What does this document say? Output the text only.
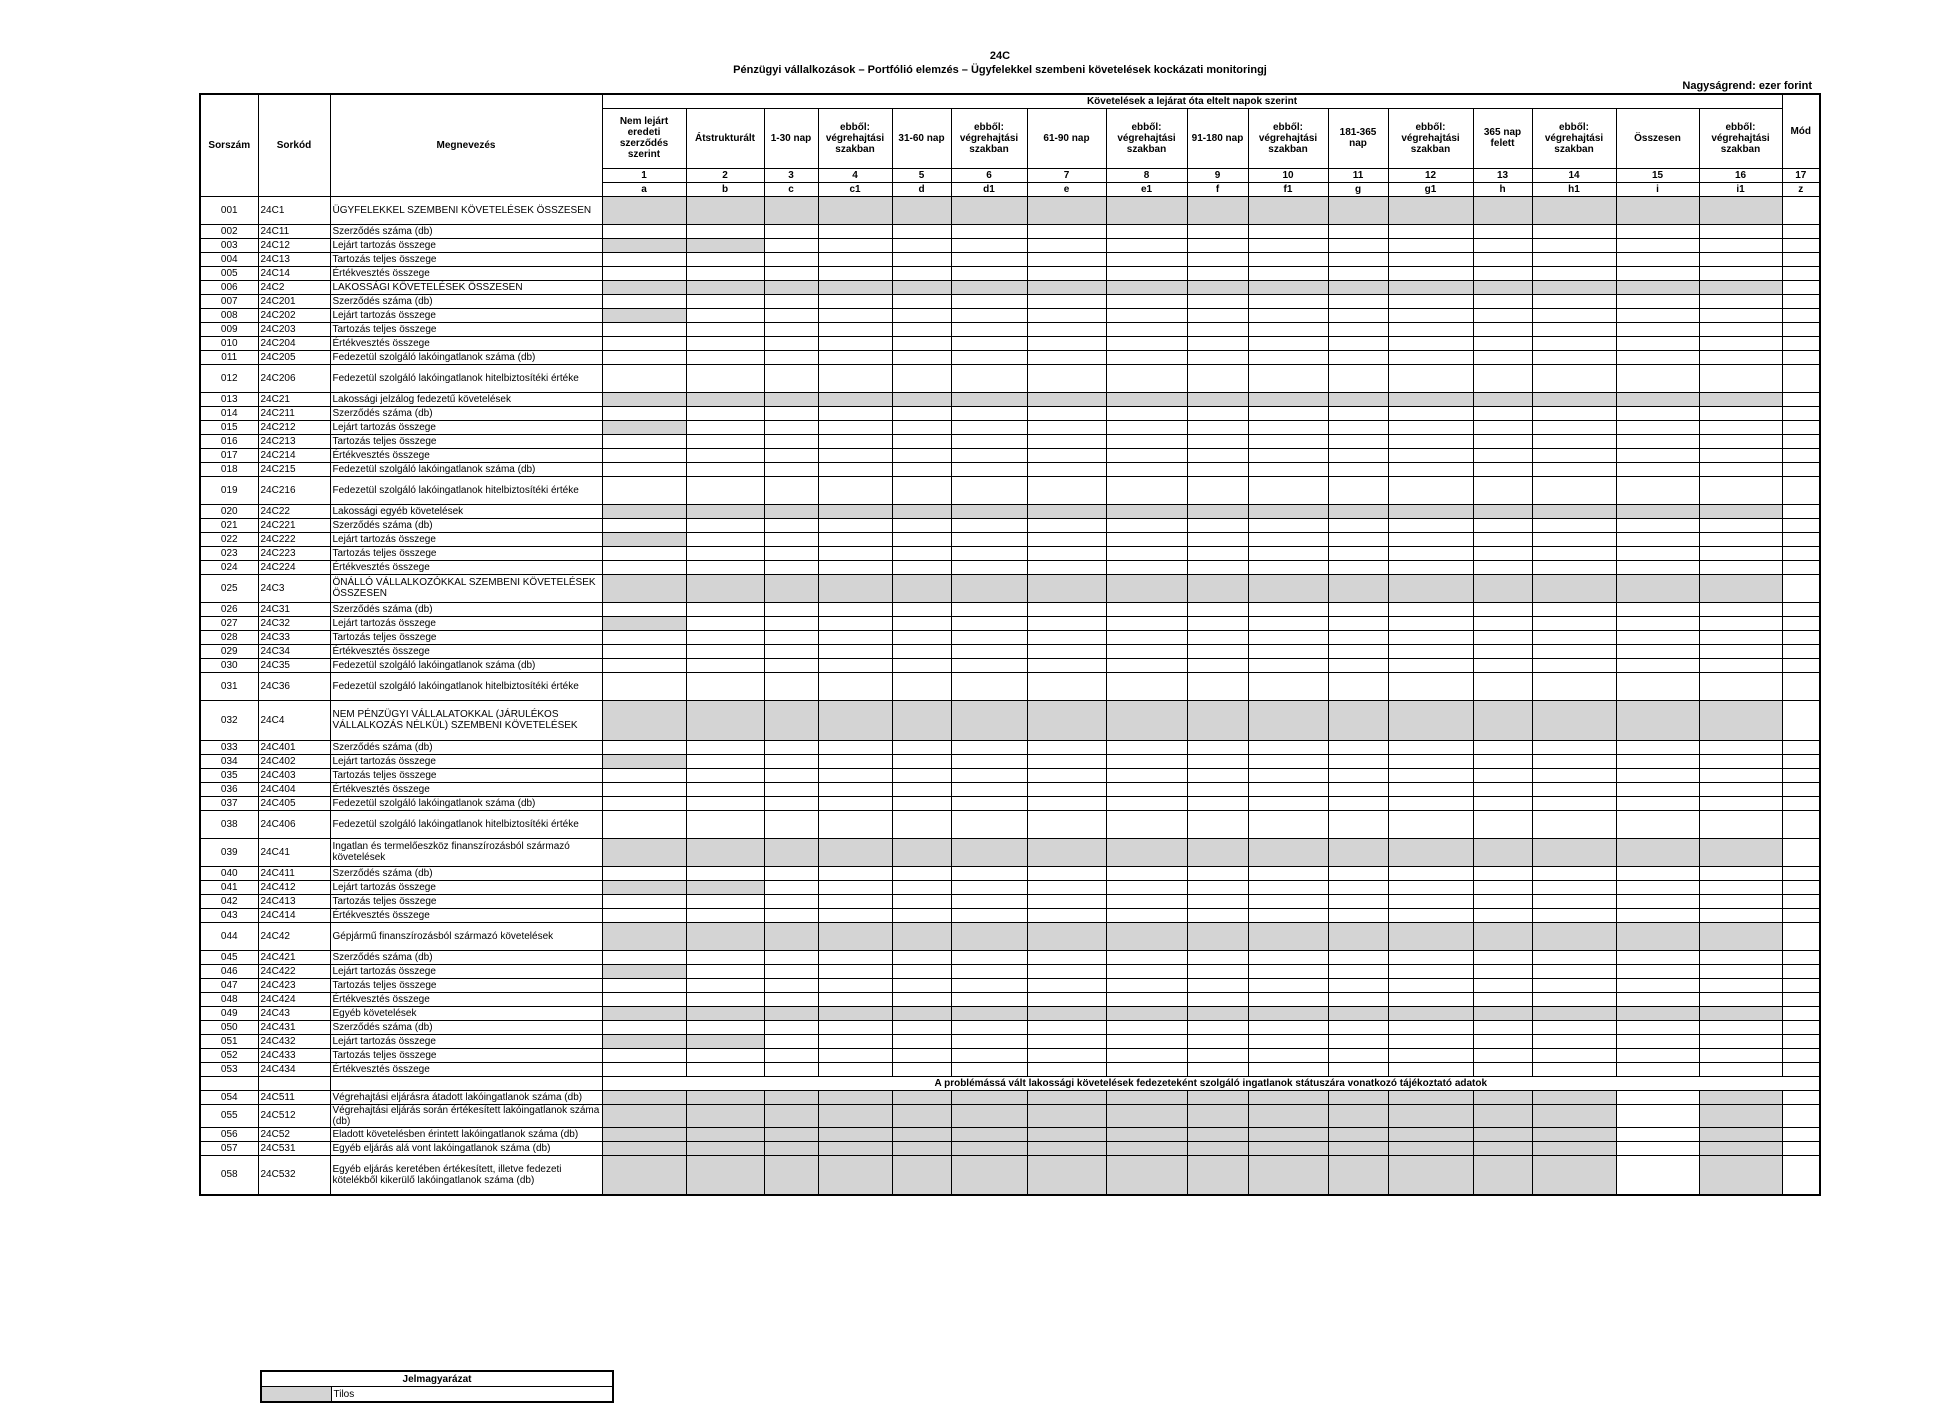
24C
Pénzügyi vállalkozások – Portfólió elemzés – Ügyfelekkel szembeni követelések kockázati monitoringj
Nagyságrend: ezer forint
Sorszám	Sorkód	Megnevezés	Követelések a lejárat óta eltelt napok szerint																Mód
			Nem lejárt eredeti szerződés szerint	Átstrukturált	1-30 nap	ebből: végrehajtási szakban	31-60 nap	ebből: végrehajtási szakban	61-90 nap	ebből: végrehajtási szakban	91-180 nap	ebből: végrehajtási szakban	181-365 nap	ebből: végrehajtási szakban	365 nap felett	ebből: végrehajtási szakban	Összesen	ebből: végrehajtási szakban	
			1	2	3	4	5	6	7	8	9	10	11	12	13	14	15	16	17
			a	b	c	c1	d	d1	e	e1	f	f1	g	g1	h	h1	i	i1	z
001	24C1	ÜGYFELEKKEL SZEMBENI KÖVETELÉSEK ÖSSZESEN																	
002	24C11	Szerződés száma (db)																	
003	24C12	Lejárt tartozás összege																	
004	24C13	Tartozás teljes összege																	
005	24C14	Értékvesztés összege																	
006	24C2	LAKOSSÁGI KÖVETELÉSEK ÖSSZESEN																	
007	24C201	Szerződés száma (db)																	
008	24C202	Lejárt tartozás összege																	
009	24C203	Tartozás teljes összege																	
010	24C204	Értékvesztés összege																	
011	24C205	Fedezetül szolgáló lakóingatlanok száma (db)																	
012	24C206	Fedezetül szolgáló lakóingatlanok hitelbiztosítéki értéke																	
013	24C21	Lakossági jelzálog fedezetű követelések																	
014	24C211	Szerződés száma (db)																	
015	24C212	Lejárt tartozás összege																	
016	24C213	Tartozás teljes összege																	
017	24C214	Értékvesztés összege																	
018	24C215	Fedezetül szolgáló lakóingatlanok száma (db)																	
019	24C216	Fedezetül szolgáló lakóingatlanok hitelbiztosítéki értéke																	
020	24C22	Lakossági egyéb követelések																	
021	24C221	Szerződés száma (db)																	
022	24C222	Lejárt tartozás összege																	
023	24C223	Tartozás teljes összege																	
024	24C224	Értékvesztés összege																	
025	24C3	ÖNÁLLÓ VÁLLALKOZÓKKAL SZEMBENI KÖVETELÉSEK ÖSSZESEN																	
026	24C31	Szerződés száma (db)																	
027	24C32	Lejárt tartozás összege																	
028	24C33	Tartozás teljes összege																	
029	24C34	Értékvesztés összege																	
030	24C35	Fedezetül szolgáló lakóingatlanok száma (db)																	
031	24C36	Fedezetül szolgáló lakóingatlanok hitelbiztosítéki értéke																	
032	24C4	NEM PÉNZÜGYI VÁLLALATOKKAL (JÁRULÉKOS VÁLLALKOZÁS NÉLKÜL) SZEMBENI KÖVETELÉSEK																	
033	24C401	Szerződés száma (db)																	
034	24C402	Lejárt tartozás összege																	
035	24C403	Tartozás teljes összege																	
036	24C404	Értékvesztés összege																	
037	24C405	Fedezetül szolgáló lakóingatlanok száma (db)																	
038	24C406	Fedezetül szolgáló lakóingatlanok hitelbiztosítéki értéke																	
039	24C41	Ingatlan és termelőeszköz finanszírozásból származó követelések																	
040	24C411	Szerződés száma (db)																	
041	24C412	Lejárt tartozás összege																	
042	24C413	Tartozás teljes összege																	
043	24C414	Értékvesztés összege																	
044	24C42	Gépjármű finanszírozásból származó követelések																	
045	24C421	Szerződés száma (db)																	
046	24C422	Lejárt tartozás összege																	
047	24C423	Tartozás teljes összege																	
048	24C424	Értékvesztés összege																	
049	24C43	Egyéb követelések																	
050	24C431	Szerződés száma (db)																	
051	24C432	Lejárt tartozás összege																	
052	24C433	Tartozás teljes összege																	
053	24C434	Értékvesztés összege																	
			A problémássá vált lakossági követelések fedezeteként szolgáló ingatlanok státuszára vonatkozó tájékoztató adatok																
054	24C511	Végrehajtási eljárásra átadott lakóingatlanok száma (db)																	
055	24C512	Végrehajtási eljárás során értékesített lakóingatlanok száma (db)																	
056	24C52	Eladott követelésben érintett lakóingatlanok száma (db)																	
057	24C531	Egyéb eljárás alá vont lakóingatlanok száma (db)																	
058	24C532	Egyéb eljárás keretében értékesített, illetve fedezeti kötelékből kikerülő lakóingatlanok száma (db)																	
Jelmagyarázat
	Tilos
